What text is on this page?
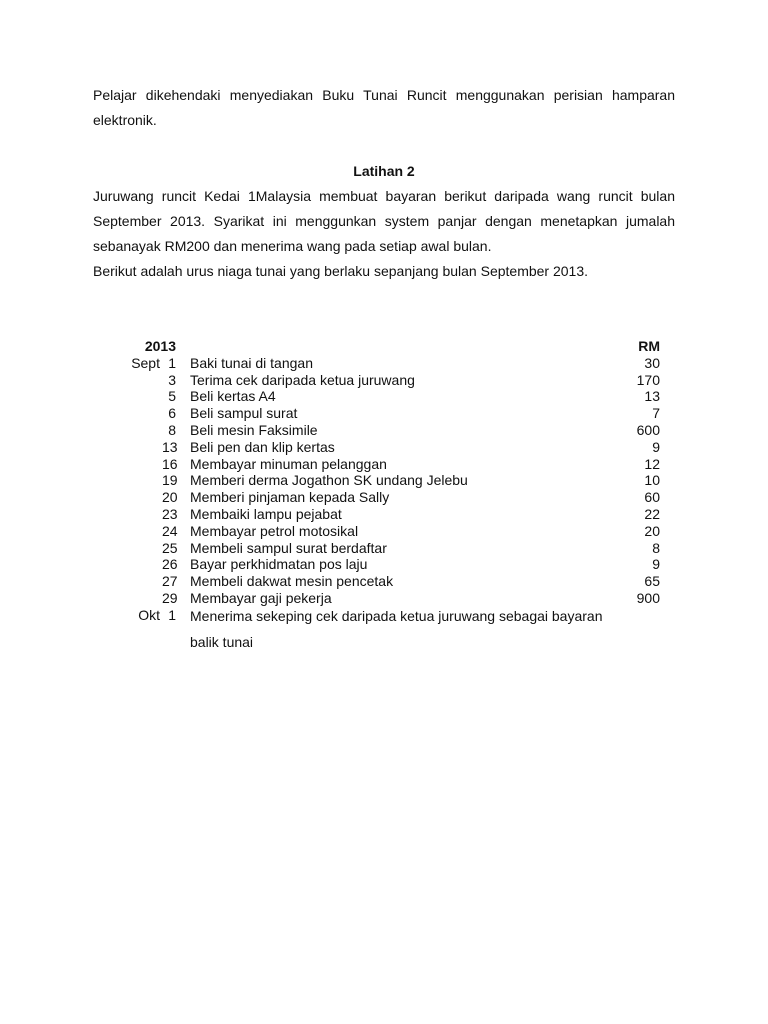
Pelajar dikehendaki menyediakan Buku Tunai Runcit menggunakan perisian hamparan elektronik.
Latihan 2
Juruwang runcit Kedai 1Malaysia membuat bayaran berikut daripada wang runcit bulan September 2013. Syarikat ini menggunkan system panjar dengan menetapkan jumalah sebanayak RM200 dan menerima wang pada setiap awal bulan.
Berikut adalah urus niaga tunai yang berlaku sepanjang bulan September 2013.
2013	RM
Sept 1	Baki tunai di tangan	30
3	Terima cek daripada ketua juruwang	170
5	Beli kertas A4	13
6	Beli sampul surat	7
8	Beli mesin Faksimile	600
13 Beli pen dan klip kertas	9
16 Membayar minuman pelanggan	12
19 Memberi derma Jogathon SK undang Jelebu	10
20 Memberi pinjaman kepada Sally	60
23 Membaiki lampu pejabat	22
24 Membayar petrol motosikal	20
25 Membeli sampul surat berdaftar	8
26 Bayar perkhidmatan pos laju	9
27 Membeli dakwat mesin pencetak	65
29 Membayar gaji pekerja	900
Okt 1	Menerima sekeping cek daripada ketua juruwang sebagai bayaran balik tunai
